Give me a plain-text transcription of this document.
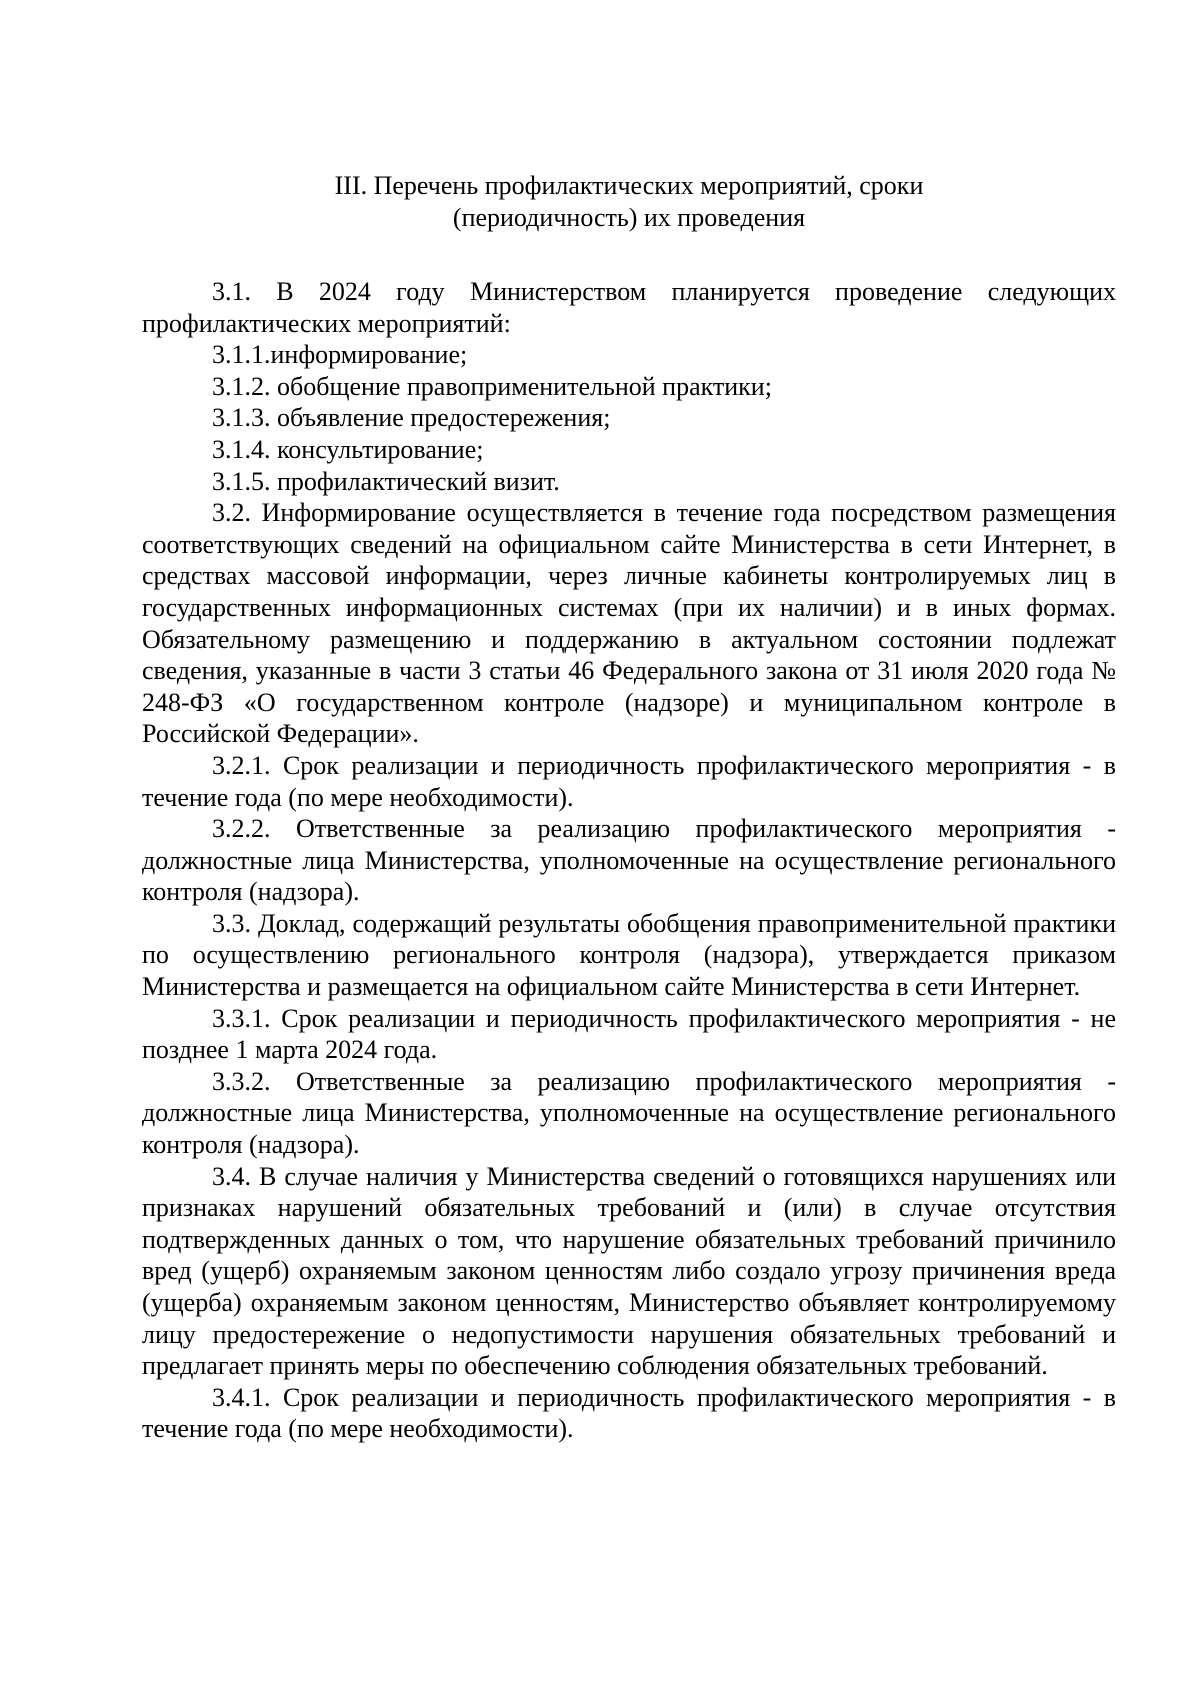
III. Перечень профилактических мероприятий, сроки
(периодичность) их проведения

3.1. В 2024 году Министерством планируется проведение следующих профилактических мероприятий:

3.1.1.информирование;

3.1.2. обобщение правоприменительной практики;

3.1.3. объявление предостережения;

3.1.4. консультирование;

3.1.5. профилактический визит.

3.2. Информирование осуществляется в течение года посредством размещения соответствующих сведений на официальном сайте Министерства в сети Интернет, в средствах массовой информации, через личные кабинеты контролируемых лиц в государственных информационных системах (при их наличии) и в иных формах. Обязательному размещению и поддержанию в актуальном состоянии подлежат сведения, указанные в части 3 статьи 46 Федерального закона от 31 июля 2020 года № 248-ФЗ «О государственном контроле (надзоре) и муниципальном контроле в Российской Федерации».

3.2.1. Срок реализации и периодичность профилактического мероприятия - в течение года (по мере необходимости).

3.2.2. Ответственные за реализацию профилактического мероприятия - должностные лица Министерства, уполномоченные на осуществление регионального контроля (надзора).

3.3. Доклад, содержащий результаты обобщения правоприменительной практики по осуществлению регионального контроля (надзора), утверждается приказом Министерства и размещается на официальном сайте Министерства в сети Интернет.

3.3.1. Срок реализации и периодичность профилактического мероприятия - не позднее 1 марта 2024 года.

3.3.2. Ответственные за реализацию профилактического мероприятия - должностные лица Министерства, уполномоченные на осуществление регионального контроля (надзора).

3.4. В случае наличия у Министерства сведений о готовящихся нарушениях или признаках нарушений обязательных требований и (или) в случае отсутствия подтвержденных данных о том, что нарушение обязательных требований причинило вред (ущерб) охраняемым законом ценностям либо создало угрозу причинения вреда (ущерба) охраняемым законом ценностям, Министерство объявляет контролируемому лицу предостережение о недопустимости нарушения обязательных требований и предлагает принять меры по обеспечению соблюдения обязательных требований.

3.4.1. Срок реализации и периодичность профилактического мероприятия - в течение года (по мере необходимости).
